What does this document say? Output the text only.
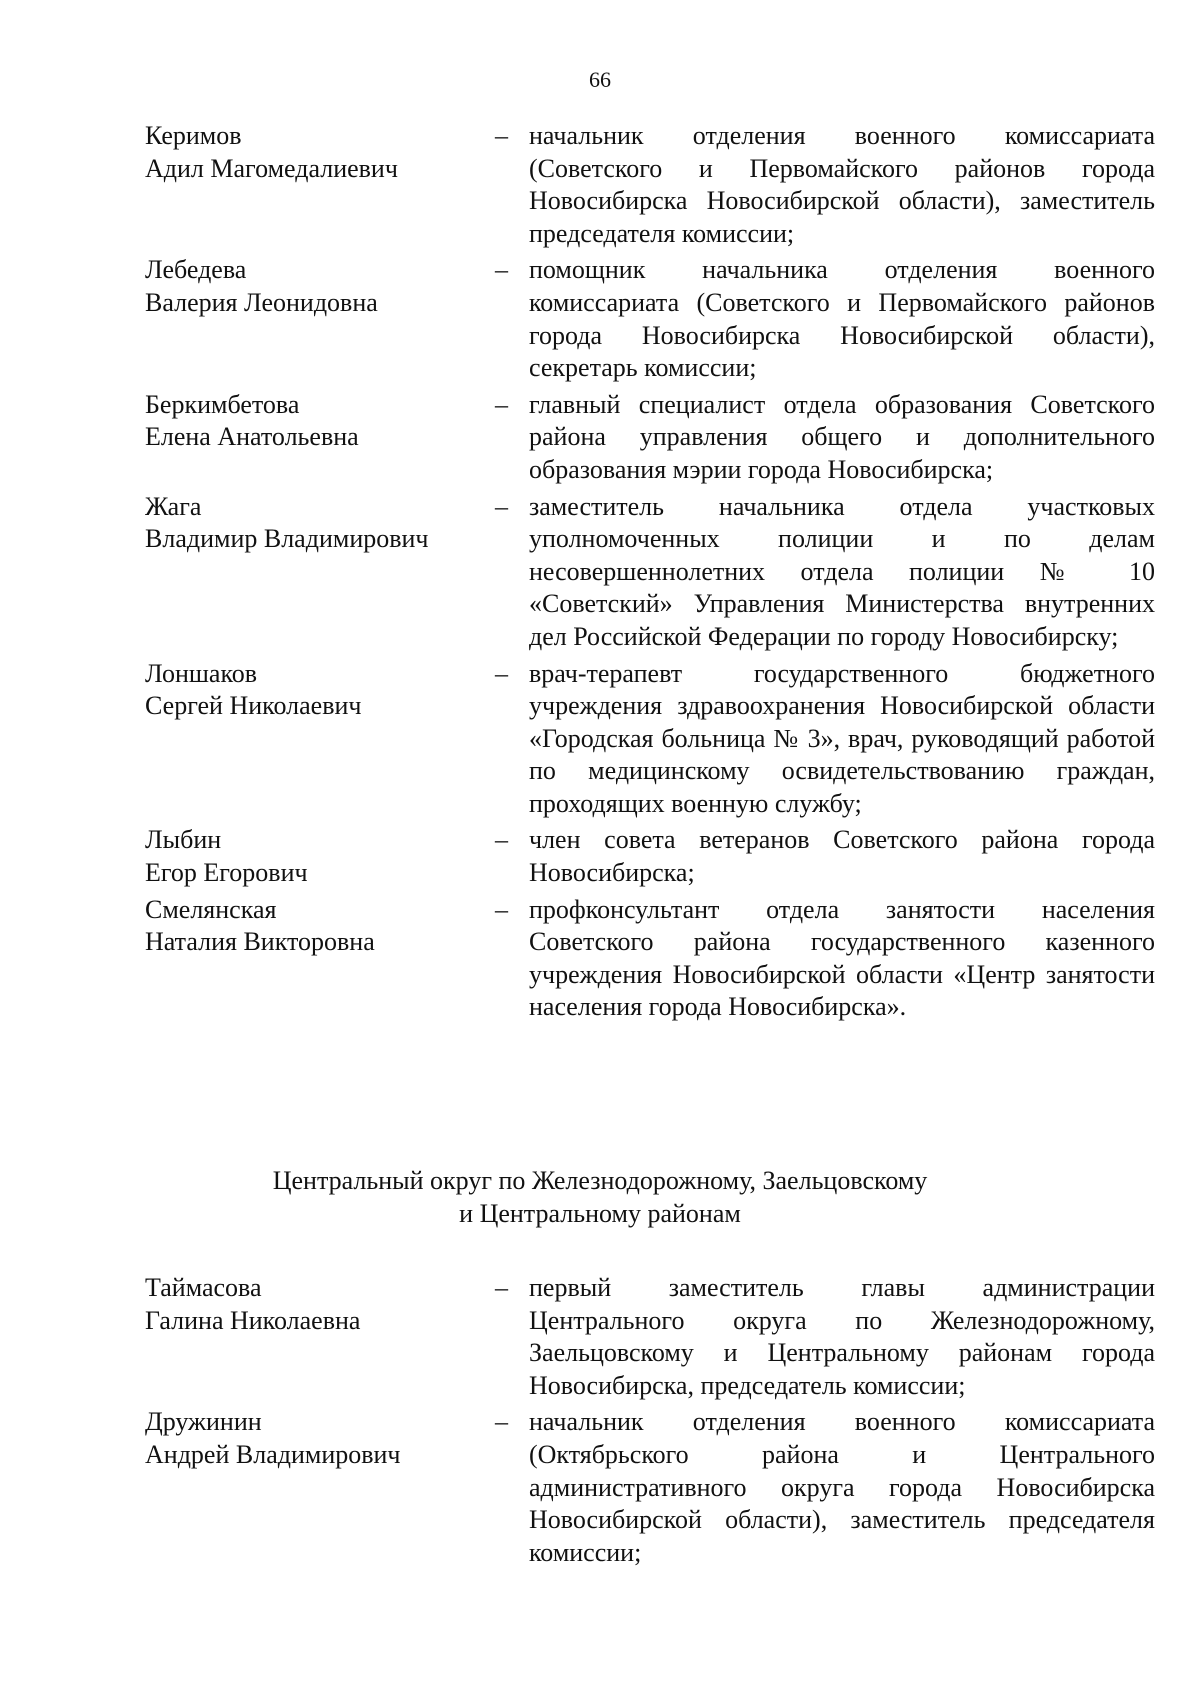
66
Керимов
Адил Магомедалиевич
– начальник отделения военного комиссариата (Советского и Первомайского районов города Новосибирска Новосибирской области), заместитель председателя комиссии;
Лебедева
Валерия Леонидовна
– помощник начальника отделения военного комиссариата (Советского и Первомайского районов города Новосибирска Новосибирской области), секретарь комиссии;
Беркимбетова
Елена Анатольевна
– главный специалист отдела образования Советского района управления общего и дополнительного образования мэрии города Новосибирска;
Жага
Владимир Владимирович
– заместитель начальника отдела участковых уполномоченных полиции и по делам несовершеннолетних отдела полиции № 10 «Советский» Управления Министерства внутренних дел Российской Федерации по городу Новосибирску;
Лоншаков
Сергей Николаевич
– врач-терапевт государственного бюджетного учреждения здравоохранения Новосибирской области «Городская больница № 3», врач, руководящий работой по медицинскому освидетельствованию граждан, проходящих военную службу;
Лыбин
Егор Егорович
– член совета ветеранов Советского района города Новосибирска;
Смелянская
Наталия Викторовна
– профконсультант отдела занятости населения Советского района государственного казенного учреждения Новосибирской области «Центр занятости населения города Новосибирска».
Центральный округ по Железнодорожному, Заельцовскому
и Центральному районам
Таймасова
Галина Николаевна
– первый заместитель главы администрации Центрального округа по Железнодорожному, Заельцовскому и Центральному районам города Новосибирска, председатель комиссии;
Дружинин
Андрей Владимирович
– начальник отделения военного комиссариата (Октябрьского района и Центрального административного округа города Новосибирска Новосибирской области), заместитель председателя комиссии;
